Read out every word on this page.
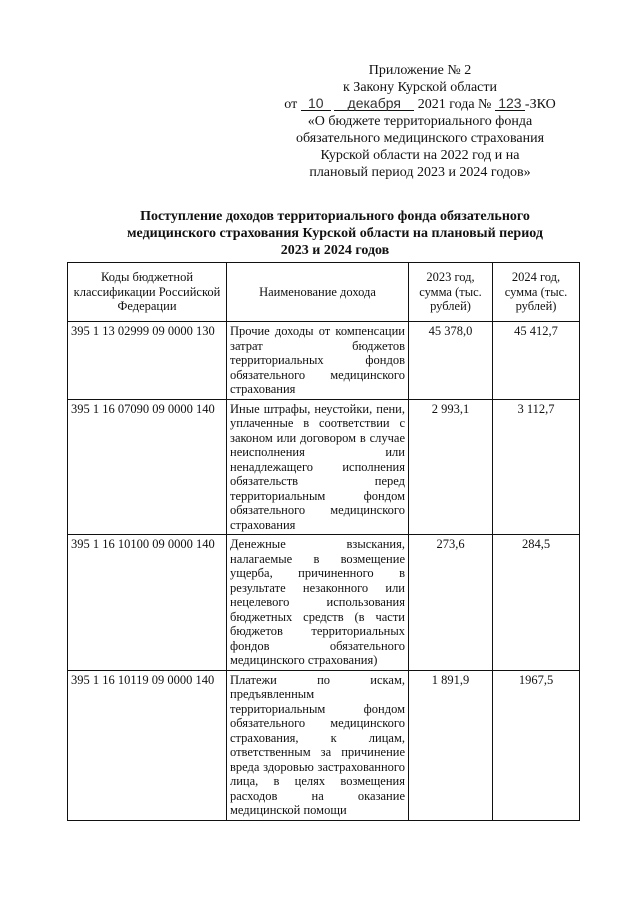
Приложение № 2
к Закону Курской области
от 10 декабря 2021 года № 123 -ЗКО
«О бюджете территориального фонда
обязательного медицинского страхования
Курской области на 2022 год и на
плановый период 2023 и 2024 годов»
Поступление доходов территориального фонда обязательного
медицинского страхования Курской области на плановый период
2023 и 2024 годов
Коды бюджетной классификации Российской Федерации	Наименование дохода	2023 год, сумма (тыс. рублей)	2024 год, сумма (тыс. рублей)
395 1 13 02999 09 0000 130	Прочие доходы от компенсации затрат бюджетов территориальных фондов обязательного медицинского страхования	45 378,0	45 412,7
395 1 16 07090 09 0000 140	Иные штрафы, неустойки, пени, уплаченные в соответствии с законом или договором в случае неисполнения или ненадлежащего исполнения обязательств перед территориальным фондом обязательного медицинского страхования	2 993,1	3 112,7
395 1 16 10100 09 0000 140	Денежные взыскания, налагаемые в возмещение ущерба, причиненного в результате незаконного или нецелевого использования бюджетных средств (в части бюджетов территориальных фондов обязательного медицинского страхования)	273,6	284,5
395 1 16 10119 09 0000 140	Платежи по искам, предъявленным территориальным фондом обязательного медицинского страхования, к лицам, ответственным за причинение вреда здоровью застрахованного лица, в целях возмещения расходов на оказание медицинской помощи	1 891,9	1967,5
